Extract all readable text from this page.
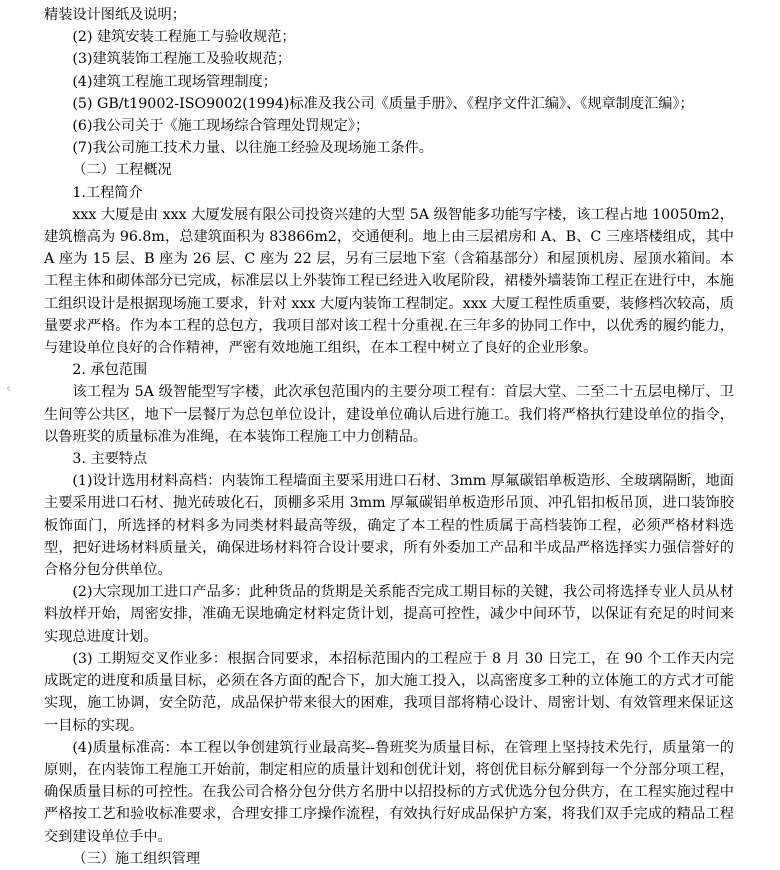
精装设计图纸及说明；

(2) 建筑安装工程施工与验收规范；

(3)建筑装饰工程施工及验收规范；

(4)建筑工程施工现场管理制度；

(5) GB/t19002-ISO9002(1994)标准及我公司《质量手册》、《程序文件汇编》、《规章制度汇编》；

(6)我公司关于《施工现场综合管理处罚规定》；

(7)我公司施工技术力量、以往施工经验及现场施工条件。

（二）工程概况

1.工程简介

xxx 大厦是由 xxx 大厦发展有限公司投资兴建的大型 5A 级智能多功能写字楼，该工程占地 10050m2，建筑檐高为 96.8m，总建筑面积为 83866m2，交通便利。地上由三层裙房和 A、B、C 三座塔楼组成，其中 A 座为 15 层、B 座为 26 层、C 座为 22 层，另有三层地下室（含箱基部分）和屋顶机房、屋顶水箱间。本工程主体和砌体部分已完成，标准层以上外装饰工程已经进入收尾阶段，裙楼外墙装饰工程正在进行中，本施工组织设计是根据现场施工要求，针对 xxx 大厦内装饰工程制定。xxx 大厦工程性质重要，装修档次较高，质量要求严格。作为本工程的总包方，我项目部对该工程十分重视.在三年多的协同工作中，以优秀的履约能力，与建设单位良好的合作精神，严密有效地施工组织，在本工程中树立了良好的企业形象。

2. 承包范围

该工程为 5A 级智能型写字楼，此次承包范围内的主要分项工程有：首层大堂、二至二十五层电梯厅、卫生间等公共区，地下一层餐厅为总包单位设计，建设单位确认后进行施工。我们将严格执行建设单位的指令，以鲁班奖的质量标准为准绳，在本装饰工程施工中力创精品。

3. 主要特点

(1)设计选用材料高档：内装饰工程墙面主要采用进口石材、3mm 厚氟碳铝单板造形、全玻璃隔断，地面主要采用进口石材、抛光砖玻化石，顶棚多采用 3mm 厚氟碳铝单板造形吊顶、冲孔铝扣板吊顶，进口装饰胶板饰面门，所选择的材料多为同类材料最高等级，确定了本工程的性质属于高档装饰工程，必须严格材料选型，把好进场材料质量关，确保进场材料符合设计要求，所有外委加工产品和半成品严格选择实力强信誉好的合格分包分供单位。

(2)大宗现加工进口产品多：此种货品的货期是关系能否完成工期目标的关键，我公司将选择专业人员从材料放样开始，周密安排，准确无误地确定材料定货计划，提高可控性，减少中间环节，以保证有充足的时间来实现总进度计划。

(3) 工期短交叉作业多：根据合同要求，本招标范围内的工程应于 8 月 30 日完工，在 90 个工作天内完成既定的进度和质量目标，必须在各方面的配合下，加大施工投入，以高密度多工种的立体施工的方式才可能实现，施工协调，安全防范，成品保护带来很大的困难，我项目部将精心设计、周密计划、有效管理来保证这一目标的实现。

(4)质量标准高：本工程以争创建筑行业最高奖--鲁班奖为质量目标，在管理上坚持技术先行，质量第一的原则，在内装饰工程施工开始前，制定相应的质量计划和创优计划，将创优目标分解到每一个分部分项工程，确保质量目标的可控性。在我公司合格分包分供方名册中以招投标的方式优选分包分供方，在工程实施过程中严格按工艺和验收标准要求，合理安排工序操作流程，有效执行好成品保护方案，将我们双手完成的精品工程交到建设单位手中。

（三）施工组织管理

‹
